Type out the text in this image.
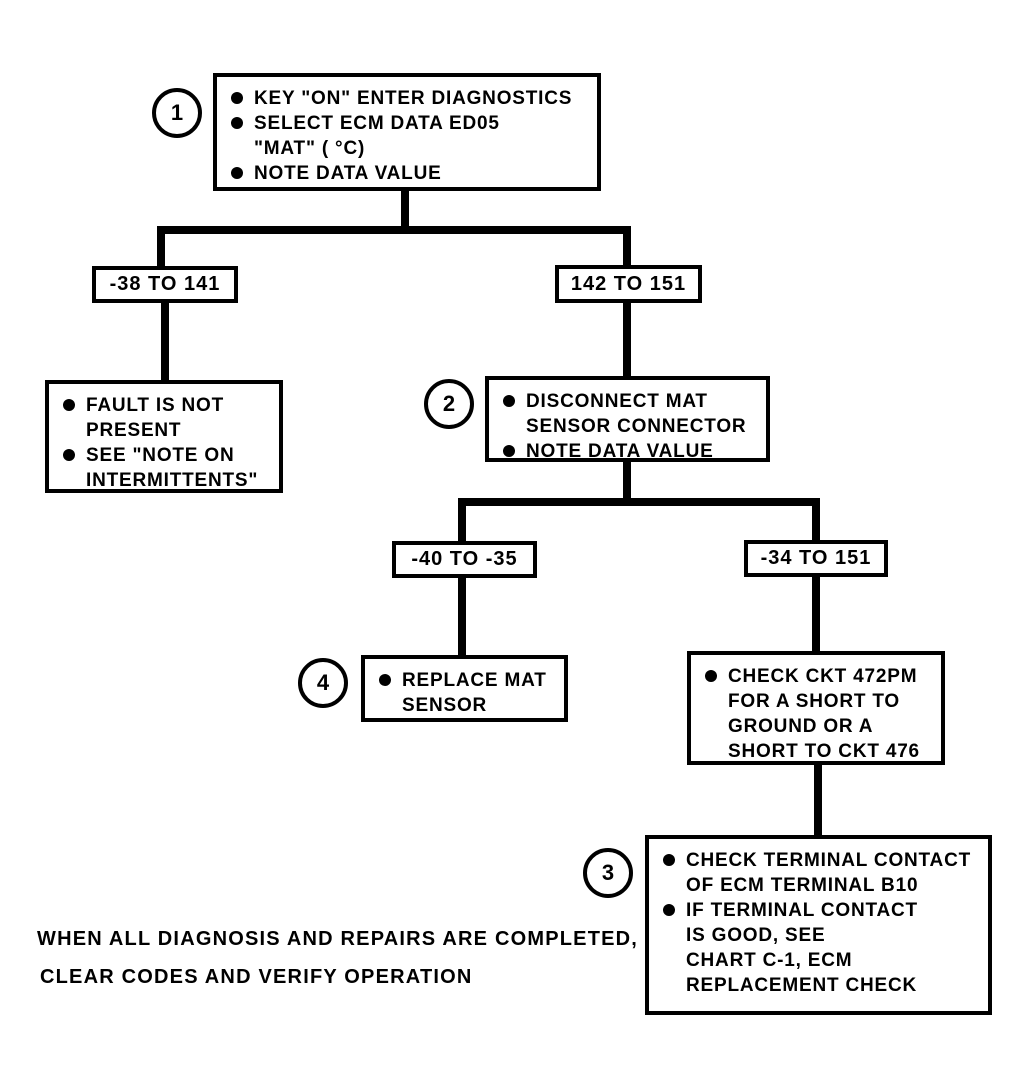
1
KEY "ON" ENTER DIAGNOSTICS
SELECT ECM DATA ED05
"MAT" ( °C)
NOTE DATA VALUE
-38 TO 141	142 TO 151
FAULT IS NOT
PRESENT
SEE "NOTE ON
INTERMITTENTS"
2	DISCONNECT MAT
SENSOR CONNECTOR
NOTE DATA VALUE
-40 TO -35	-34 TO 151
4	REPLACE MAT
SENSOR
CHECK CKT 472PM
FOR A SHORT TO
GROUND OR A
SHORT TO CKT 476
3	CHECK TERMINAL CONTACT
OF ECM TERMINAL B10
IF TERMINAL CONTACT
IS GOOD, SEE
CHART C-1, ECM
REPLACEMENT CHECK
WHEN ALL DIAGNOSIS AND REPAIRS ARE COMPLETED,
CLEAR CODES AND VERIFY OPERATION
